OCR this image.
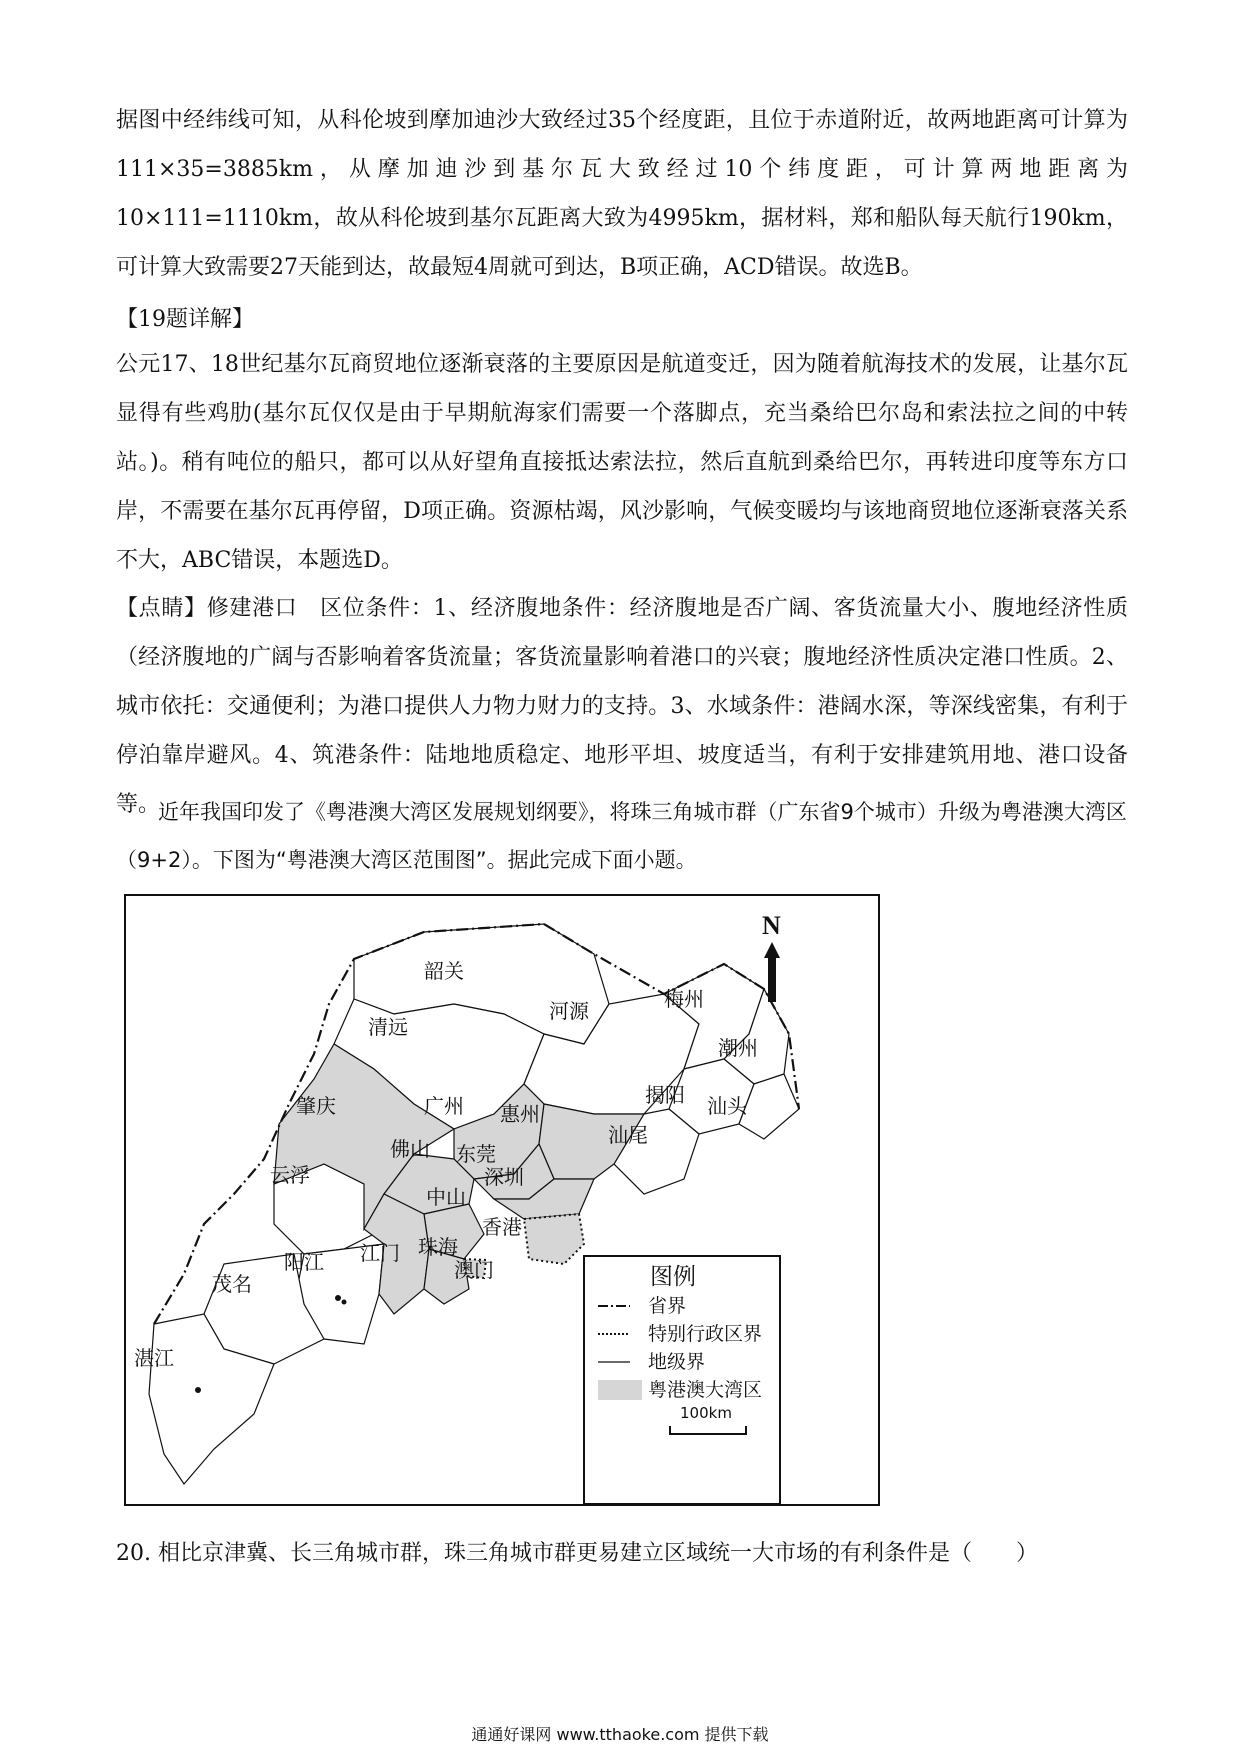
据图中经纬线可知，从科伦坡到摩加迪沙大致经过35个经度距，且位于赤道附近，故两地距离可计算为111×35=3885km，从摩加迪沙到基尔瓦大致经过10个纬度距，可计算两地距离为10×111=1110km，故从科伦坡到基尔瓦距离大致为4995km，据材料，郑和船队每天航行190km，可计算大致需要27天能到达，故最短4周就可到达，B项正确，ACD错误。故选B。

【19题详解】

公元17、18世纪基尔瓦商贸地位逐渐衰落的主要原因是航道变迁，因为随着航海技术的发展，让基尔瓦显得有些鸡肋(基尔瓦仅仅是由于早期航海家们需要一个落脚点，充当桑给巴尔岛和索法拉之间的中转站。)。稍有吨位的船只，都可以从好望角直接抵达索法拉，然后直航到桑给巴尔，再转进印度等东方口岸，不需要在基尔瓦再停留，D项正确。资源枯竭，风沙影响，气候变暖均与该地商贸地位逐渐衰落关系不大，ABC错误，本题选D。

【点睛】修建港口　区位条件：1、经济腹地条件：经济腹地是否广阔、客货流量大小、腹地经济性质（经济腹地的广阔与否影响着客货流量；客货流量影响着港口的兴衰；腹地经济性质决定港口性质。2、城市依托：交通便利；为港口提供人力物力财力的支持。3、水域条件：港阔水深，等深线密集，有利于停泊靠岸避风。4、筑港条件：陆地地质稳定、地形平坦、坡度适当，有利于安排建筑用地、港口设备等。

近年我国印发了《粤港澳大湾区发展规划纲要》，将珠三角城市群（广东省9个城市）升级为粤港澳大湾区（9+2）。下图为“粤港澳大湾区范围图”。据此完成下面小题。

N
韶关
清远
河源	梅州
潮州
揭阳 汕头
汕尾
肇庆	广州 惠州
佛山 东莞
深圳
云浮
中山
香港
江门 珠海
澳门
阳江
茂名
湛江
图例
省界
特别行政区界
地级界
粤港澳大湾区
100km

20. 相比京津冀、长三角城市群，珠三角城市群更易建立区域统一大市场的有利条件是（　　）

通通好课网 www.tthaoke.com 提供下载
